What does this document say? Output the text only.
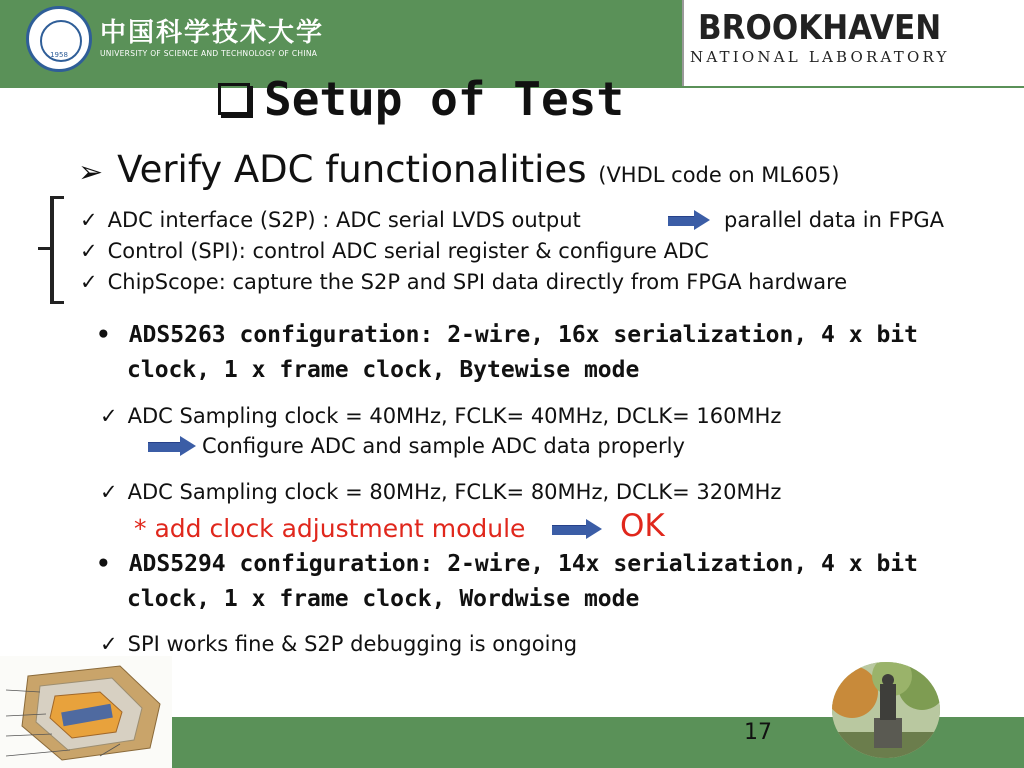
1958
中国科学技术大学
UNIVERSITY OF SCIENCE AND TECHNOLOGY OF CHINA
BROOKHAVEN
NATIONAL LABORATORY
Setup of Test
➢ Verify ADC functionalities (VHDL code on ML605)
✓ ADC interface (S2P) : ADC serial LVDS output	parallel data in FPGA
✓ Control (SPI): control ADC serial register & configure ADC
✓ ChipScope: capture the S2P and SPI data directly from FPGA hardware
• ADS5263 configuration: 2-wire, 16x serialization, 4 x bit
clock, 1 x frame clock, Bytewise mode
✓ ADC Sampling clock = 40MHz, FCLK= 40MHz, DCLK= 160MHz
Configure ADC and sample ADC data properly
✓ ADC Sampling clock = 80MHz, FCLK= 80MHz, DCLK= 320MHz
* add clock adjustment module	OK
• ADS5294 configuration: 2-wire, 14x serialization, 4 x bit
clock, 1 x frame clock, Wordwise mode
✓ SPI works fine & S2P debugging is ongoing
17
